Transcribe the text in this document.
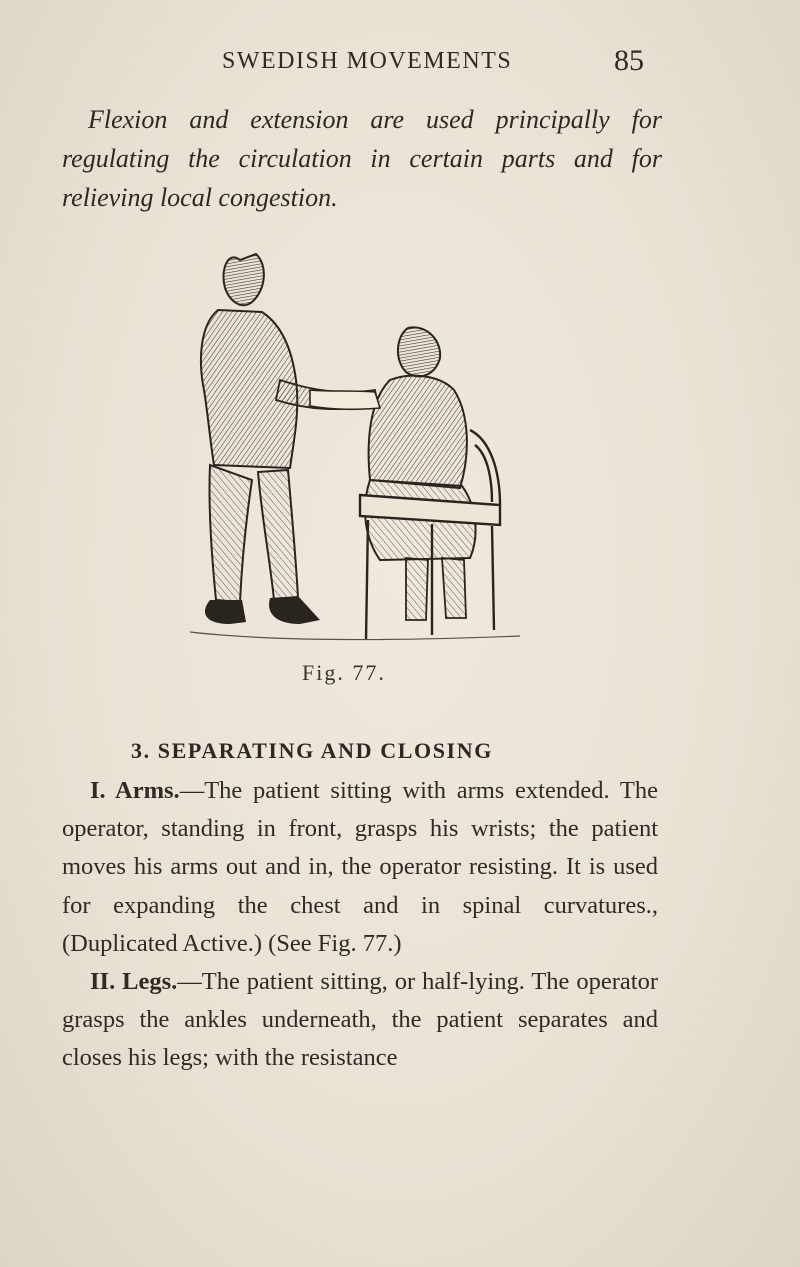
SWEDISH MOVEMENTS	85

Flexion and extension are used principally for regulating the circulation in certain parts and for relieving local congestion.

Fig. 77.
3. SEPARATING AND CLOSING

I. Arms.—The patient sitting with arms extended. The operator, standing in front, grasps his wrists; the patient moves his arms out and in, the operator resisting. It is used for expanding the chest and in spinal curvatures., (Duplicated Active.) (See Fig. 77.)

II. Legs.—The patient sitting, or half-lying. The operator grasps the ankles underneath, the patient separates and closes his legs; with the resistance
